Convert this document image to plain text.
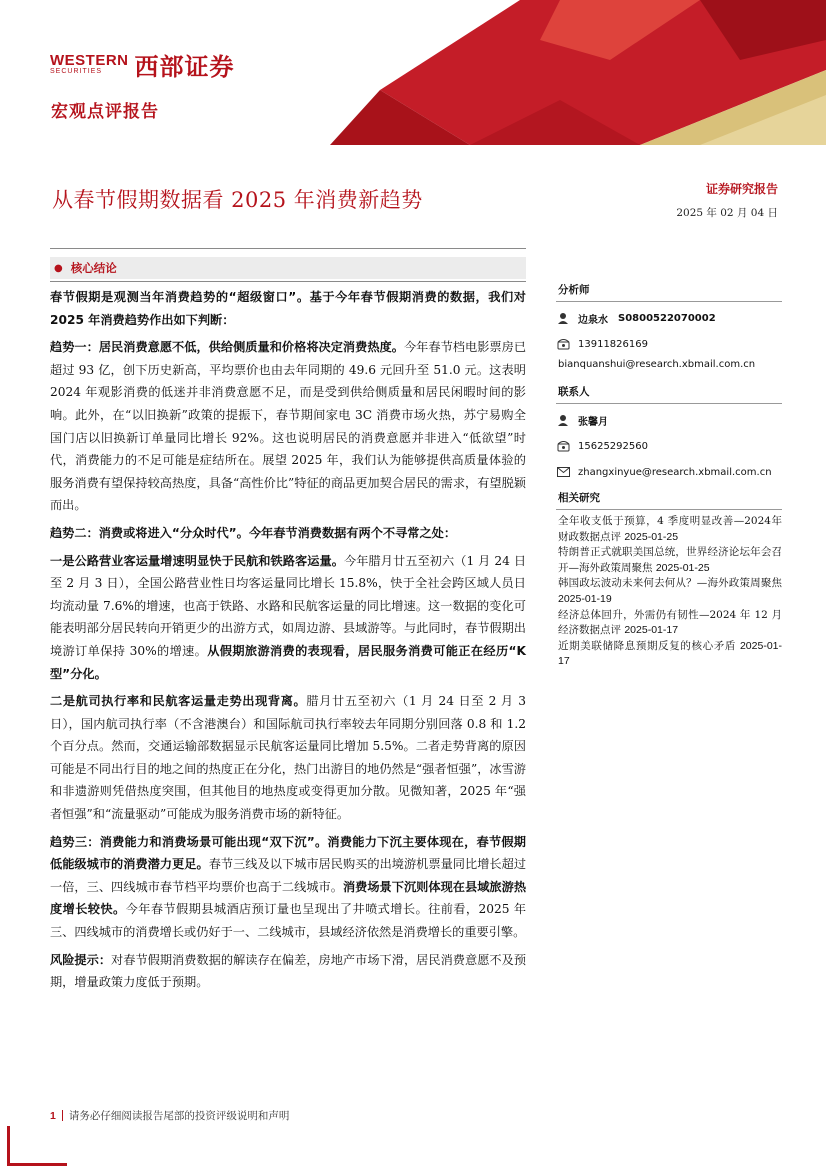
WESTERN
SECURITIES 西部证券
宏观点评报告
从春节假期数据看 2025 年消费新趋势	证券研究报告
2025 年 02 月 04 日
● 核心结论

春节假期是观测当年消费趋势的“超级窗口”。基于今年春节假期消费的数据，我们对 2025 年消费趋势作出如下判断：

趋势一：居民消费意愿不低，供给侧质量和价格将决定消费热度。今年春节档电影票房已超过 93 亿，创下历史新高，平均票价也由去年同期的 49.6 元回升至 51.0 元。这表明 2024 年观影消费的低迷并非消费意愿不足，而是受到供给侧质量和居民闲暇时间的影响。此外，在“以旧换新”政策的提振下，春节期间家电 3C 消费市场火热，苏宁易购全国门店以旧换新订单量同比增长 92%。这也说明居民的消费意愿并非进入“低欲望”时代，消费能力的不足可能是症结所在。展望 2025 年，我们认为能够提供高质量体验的服务消费有望保持较高热度，具备“高性价比”特征的商品更加契合居民的需求，有望脱颖而出。

趋势二：消费或将进入“分众时代”。今年春节消费数据有两个不寻常之处：

一是公路营业客运量增速明显快于民航和铁路客运量。今年腊月廿五至初六（1 月 24 日至 2 月 3 日），全国公路营业性日均客运量同比增长 15.8%，快于全社会跨区域人员日均流动量 7.6%的增速，也高于铁路、水路和民航客运量的同比增速。这一数据的变化可能表明部分居民转向开销更少的出游方式，如周边游、县域游等。与此同时，春节假期出境游订单保持 30%的增速。从假期旅游消费的表现看，居民服务消费可能正在经历“K 型”分化。

二是航司执行率和民航客运量走势出现背离。腊月廿五至初六（1 月 24 日至 2 月 3 日），国内航司执行率（不含港澳台）和国际航司执行率较去年同期分别回落 0.8 和 1.2 个百分点。然而，交通运输部数据显示民航客运量同比增加 5.5%。二者走势背离的原因可能是不同出行目的地之间的热度正在分化，热门出游目的地仍然是“强者恒强”，冰雪游和非遗游则凭借热度突围，但其他目的地热度或变得更加分散。见微知著，2025 年“强者恒强”和“流量驱动”可能成为服务消费市场的新特征。

趋势三：消费能力和消费场景可能出现“双下沉”。消费能力下沉主要体现在，春节假期低能级城市的消费潜力更足。春节三线及以下城市居民购买的出境游机票量同比增长超过一倍，三、四线城市春节档平均票价也高于二线城市。消费场景下沉则体现在县域旅游热度增长较快。今年春节假期县城酒店预订量也呈现出了井喷式增长。往前看，2025 年三、四线城市的消费增长或仍好于一、二线城市，县域经济依然是消费增长的重要引擎。

风险提示：对春节假期消费数据的解读存在偏差，房地产市场下滑，居民消费意愿不及预期，增量政策力度低于预期。

分析师
边泉水 S0800522070002
13911826169
bianquanshui@research.xbmail.com.cn
联系人
张馨月
15625292560
zhangxinyue@research.xbmail.com.cn
相关研究
全年收支低于预算，4 季度明显改善—2024年财政数据点评 2025-01-25
特朗普正式就职美国总统，世界经济论坛年会召开—海外政策周聚焦 2025-01-25
韩国政坛波动未来何去何从？—海外政策周聚焦 2025-01-19
经济总体回升，外需仍有韧性—2024 年 12 月经济数据点评 2025-01-17
近期美联储降息预期反复的核心矛盾 2025-01-17
1 请务必仔细阅读报告尾部的投资评级说明和声明
